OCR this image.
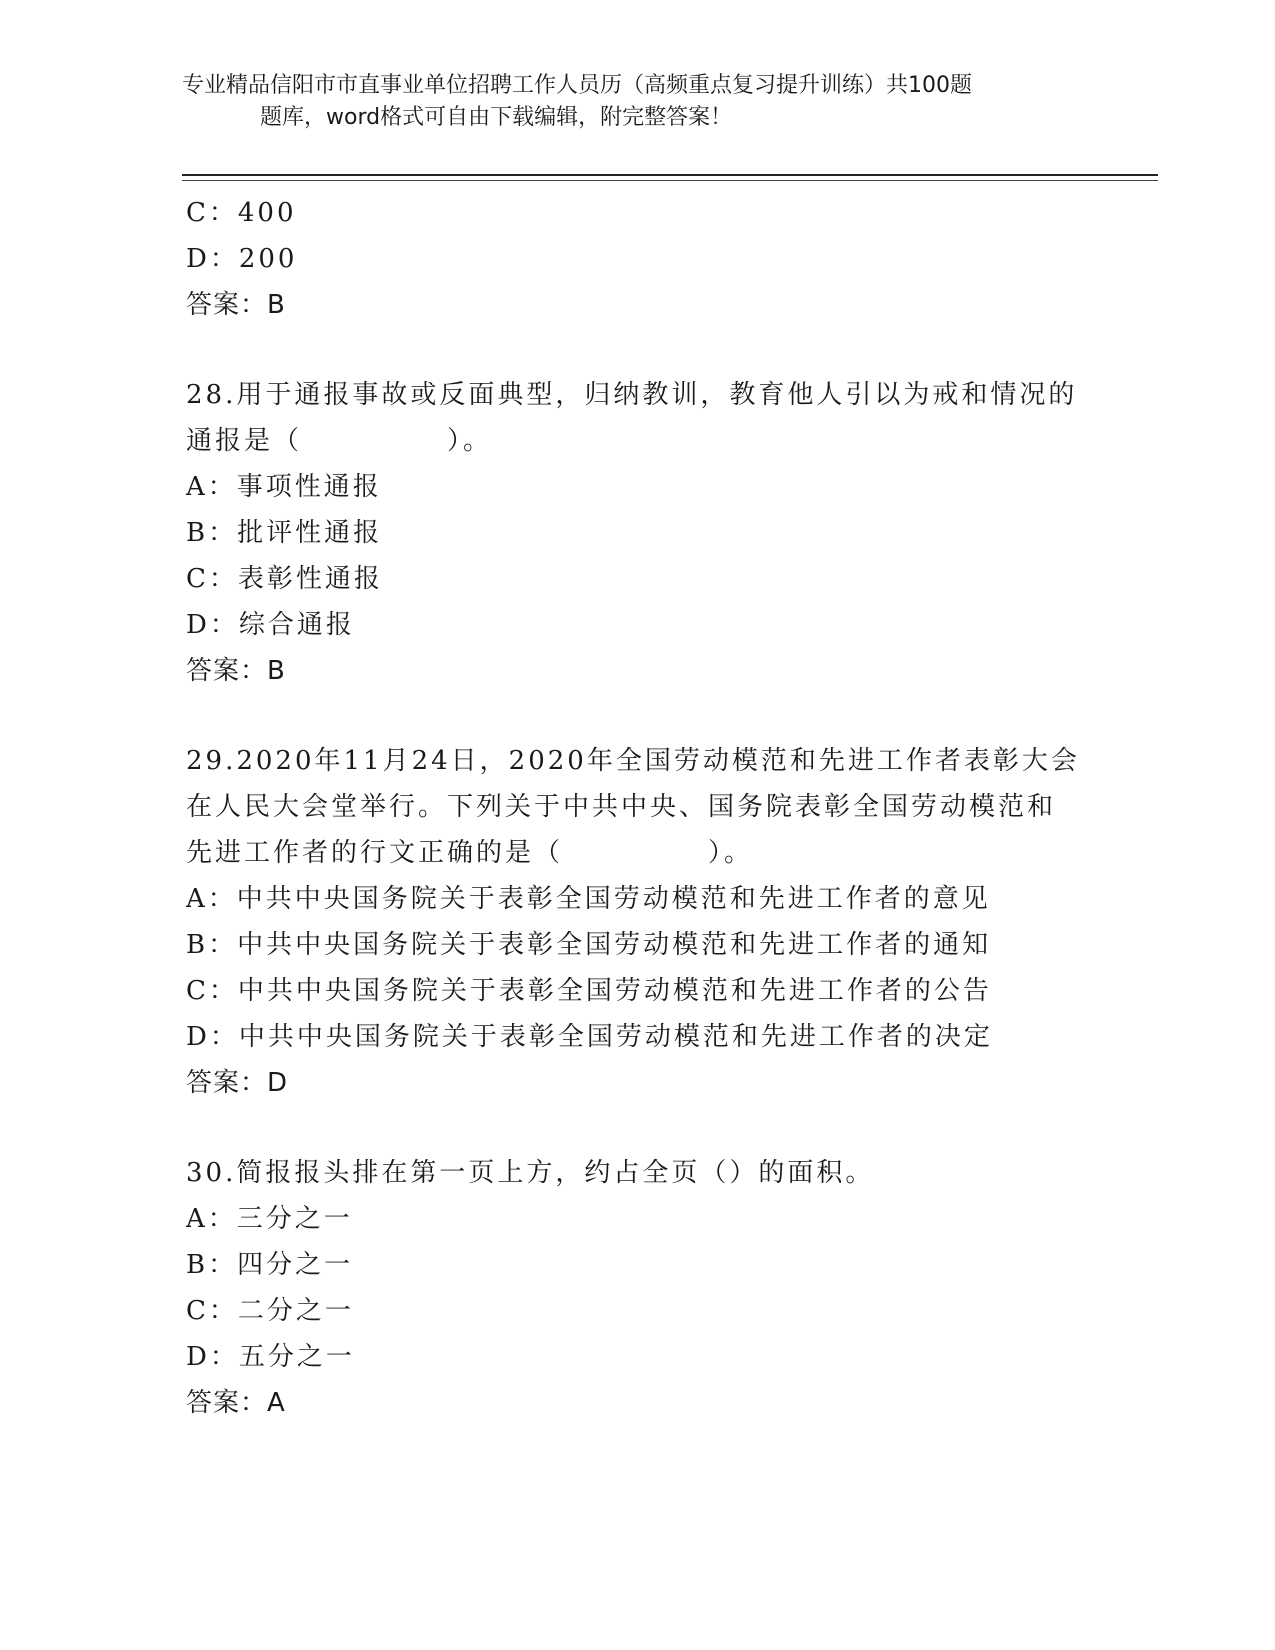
专业精品信阳市市直事业单位招聘工作人员历（高频重点复习提升训练）共100题
题库，word格式可自由下载编辑，附完整答案！
C：400
D：200
答案：B
28.用于通报事故或反面典型，归纳教训，教育他人引以为戒和情况的
通报是（　　　　　）。
A：事项性通报
B：批评性通报
C：表彰性通报
D：综合通报
答案：B
29.2020年11月24日，2020年全国劳动模范和先进工作者表彰大会
在人民大会堂举行。下列关于中共中央、国务院表彰全国劳动模范和
先进工作者的行文正确的是（　　　　　）。
A：中共中央国务院关于表彰全国劳动模范和先进工作者的意见
B：中共中央国务院关于表彰全国劳动模范和先进工作者的通知
C：中共中央国务院关于表彰全国劳动模范和先进工作者的公告
D：中共中央国务院关于表彰全国劳动模范和先进工作者的决定
答案：D
30.简报报头排在第一页上方，约占全页（）的面积。
A：三分之一
B：四分之一
C：二分之一
D：五分之一
答案：A
